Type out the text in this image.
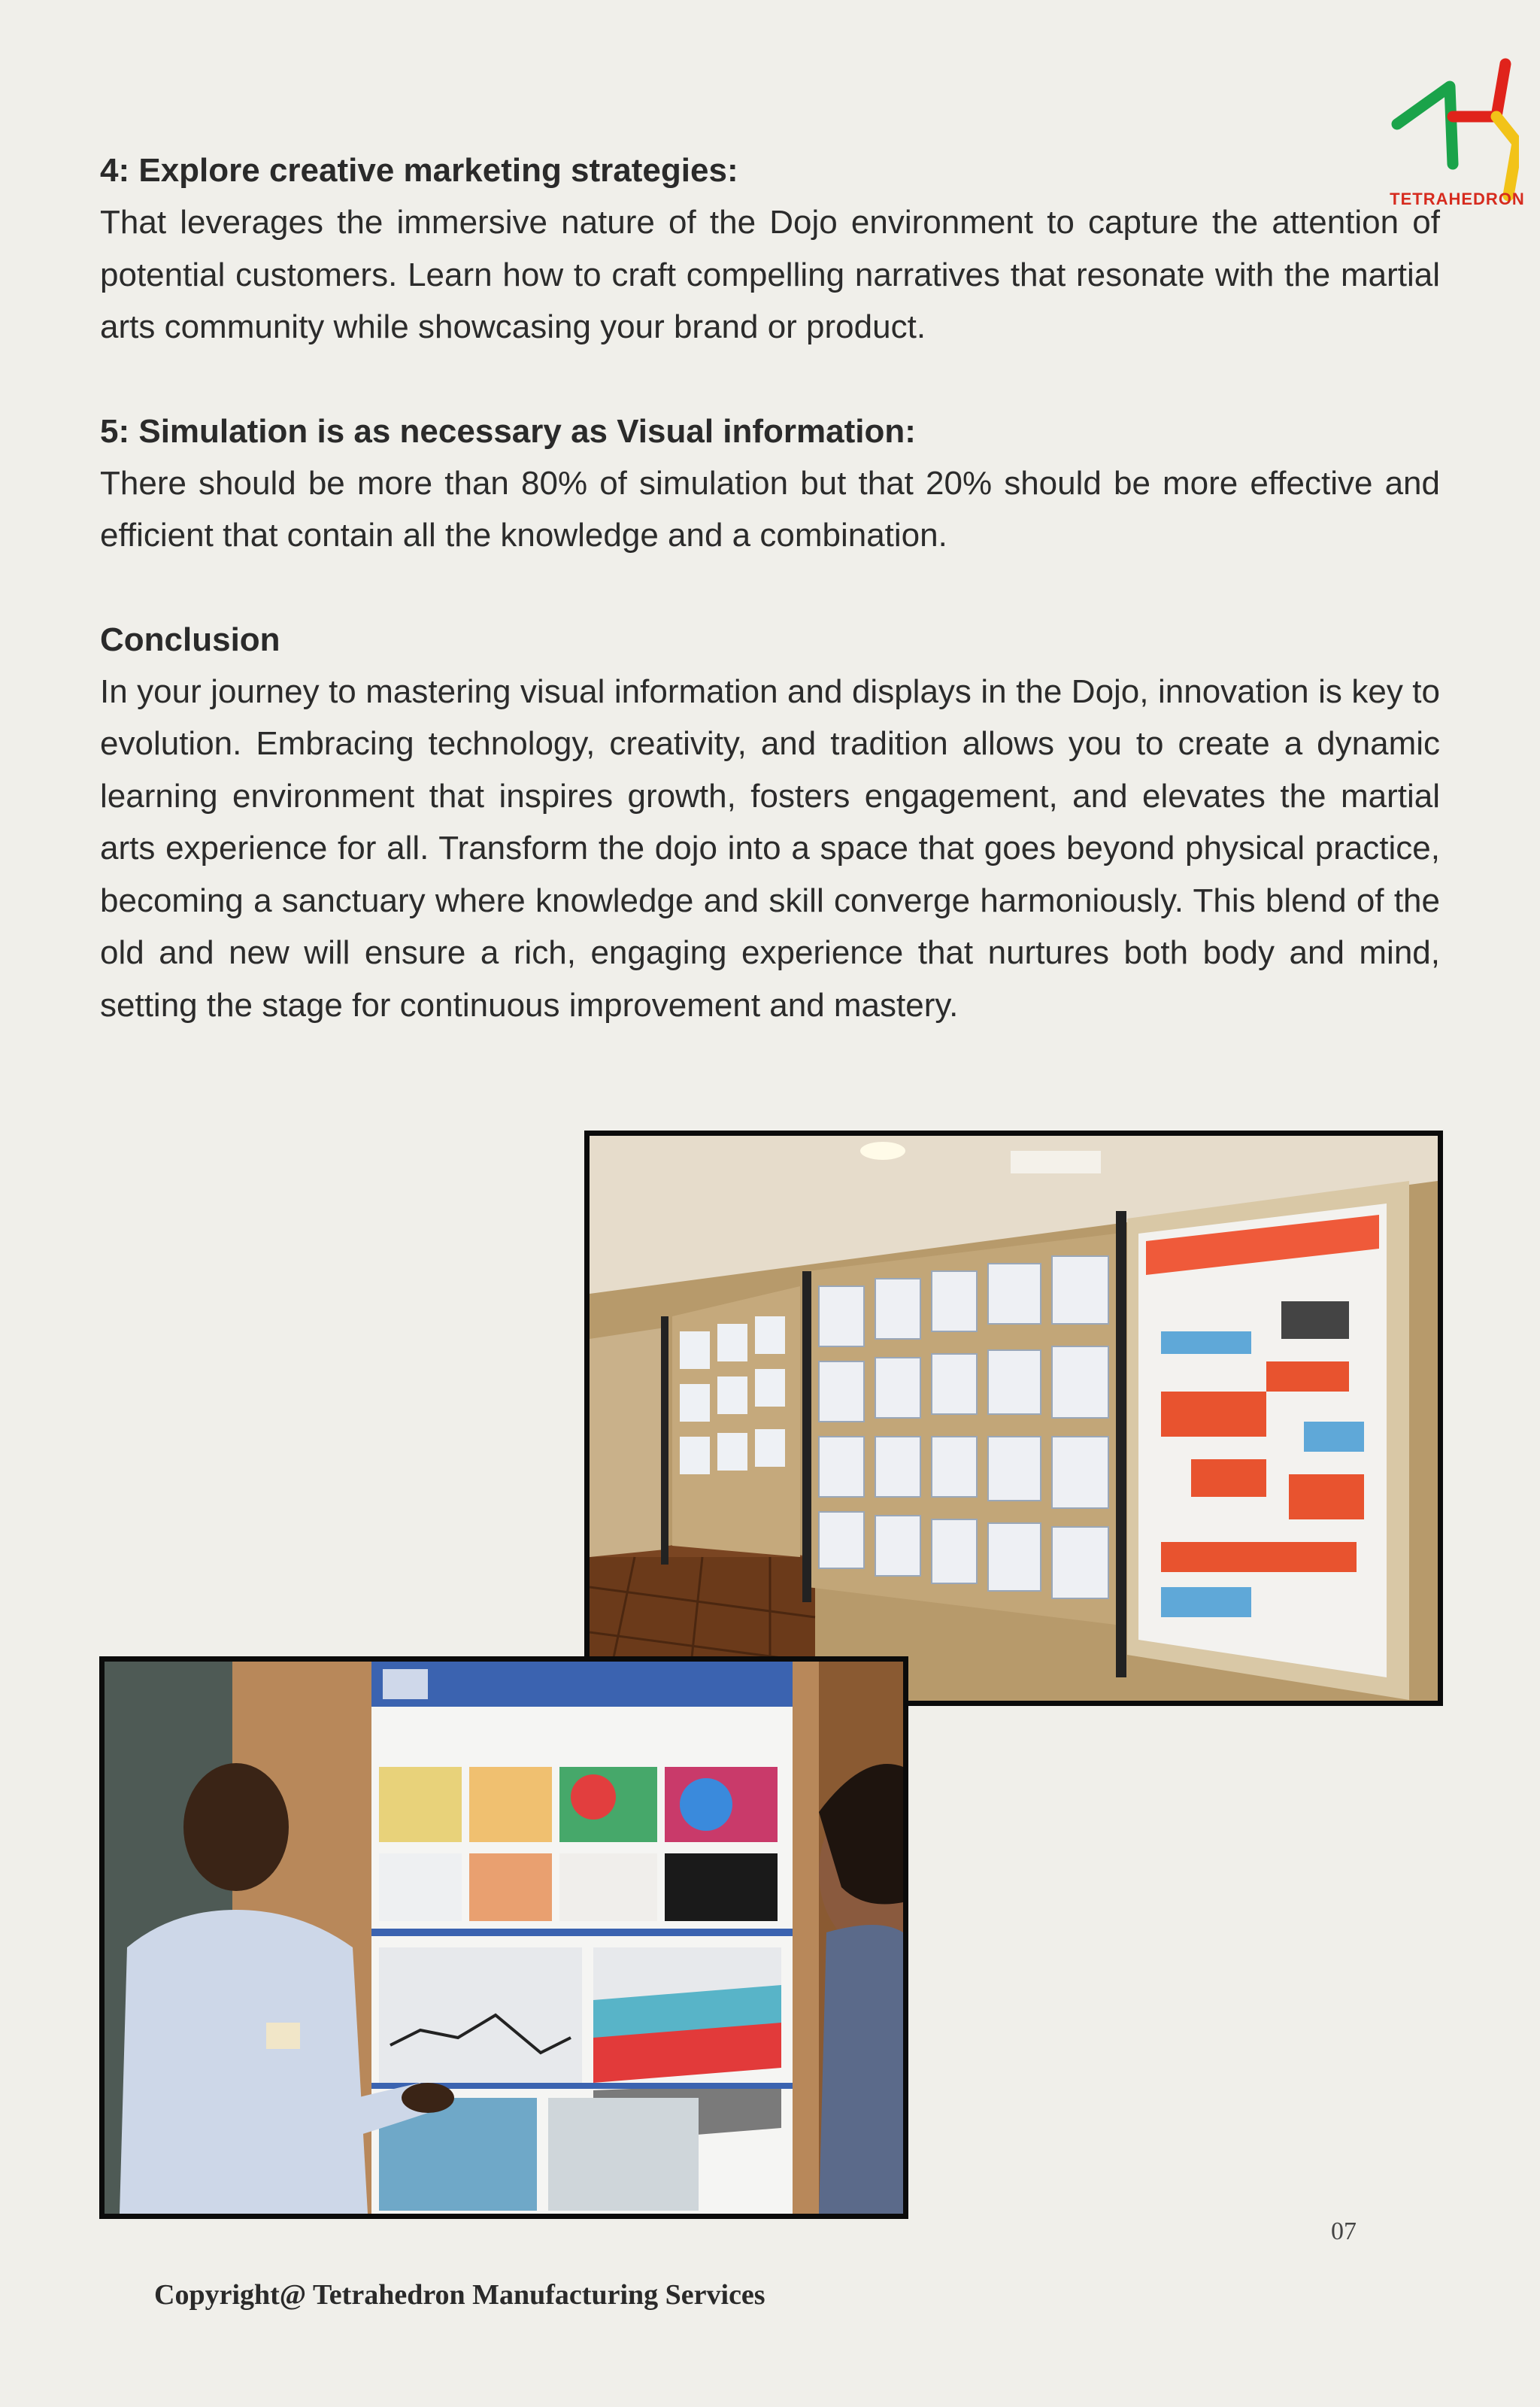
TETRAHEDRON
4: Explore creative marketing strategies:
That leverages the immersive nature of the Dojo environment to capture the attention of potential customers. Learn how to craft compelling narratives that resonate with the martial arts community while showcasing your brand or product.
5: Simulation is as necessary as Visual information:
There should be more than 80% of simulation but that 20% should be more effective and efficient that contain all the knowledge and a combination.
Conclusion
In your journey to mastering visual information and displays in the Dojo, innovation is key to evolution. Embracing technology, creativity, and tradition allows you to create a dynamic learning environment that inspires growth, fosters engagement, and elevates the martial arts experience for all. Transform the dojo into a space that goes beyond physical practice, becoming a sanctuary where knowledge and skill converge harmoniously. This blend of the old and new will ensure a rich, engaging experience that nurtures both body and mind, setting the stage for continuous improvement and mastery.
07
Copyright@ Tetrahedron Manufacturing Services
